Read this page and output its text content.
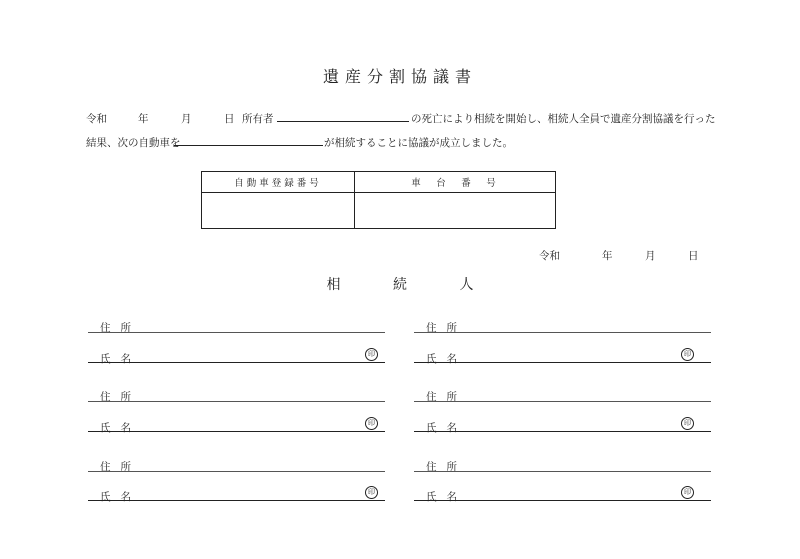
遺産分割協議書
令和	年	月	日 所有者	の死亡により相続を開始し、相続人全員で遺産分割協議を行った
結果、次の自動車を	が相続することに協議が成立しました。
自動車登録番号	車　台　番　号

令和	年	月	日
相	続	人
住所
氏名	印
住所
氏名	印
住所
氏名	印
住所
氏名	印
住所
氏名	印
住所
氏名	印
